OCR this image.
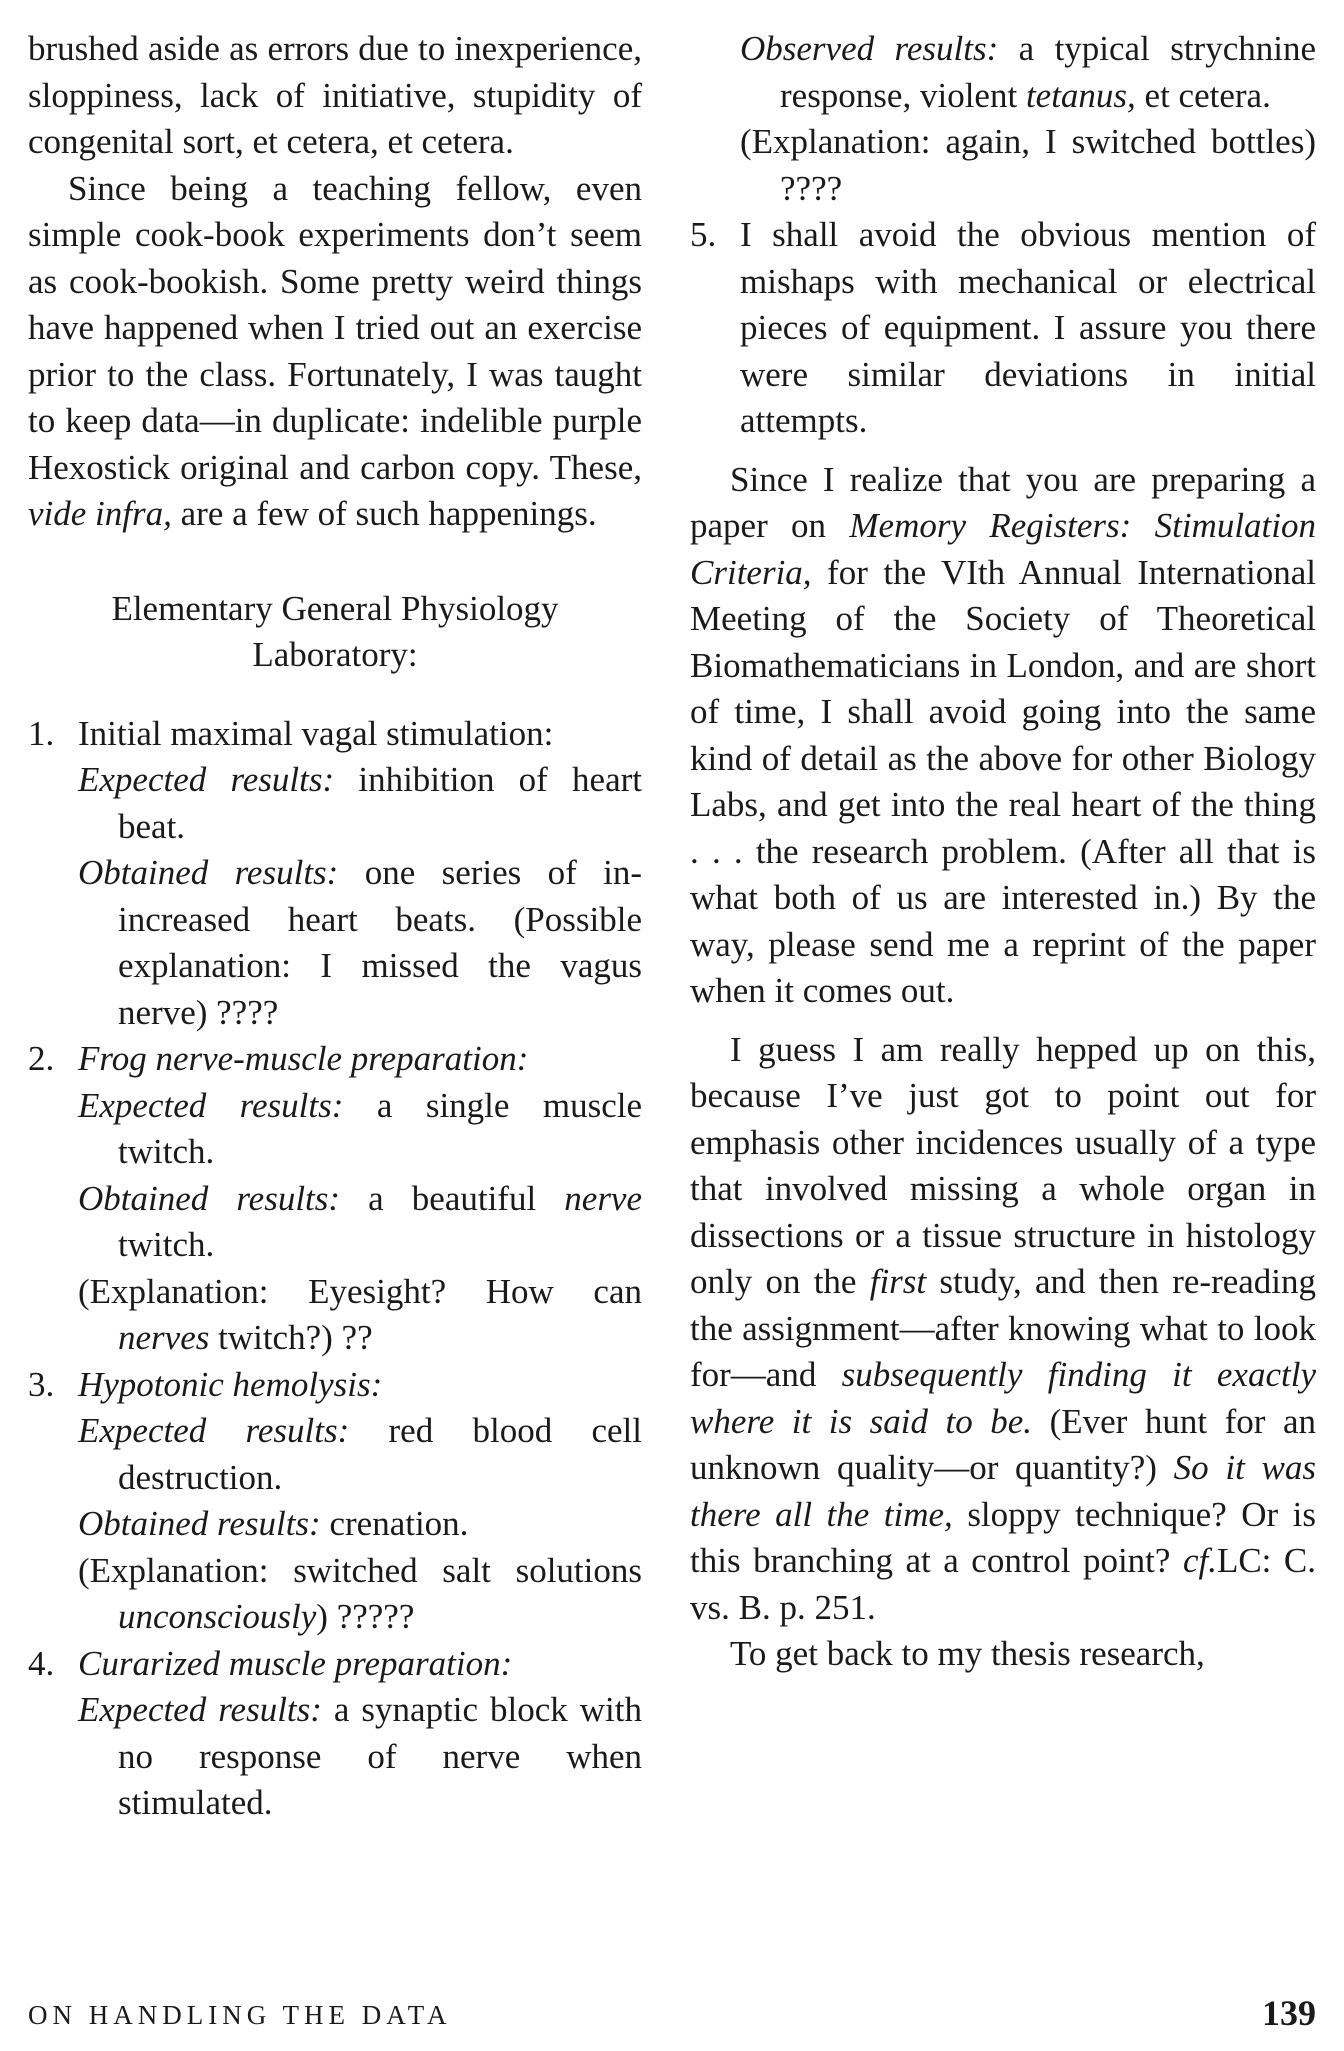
brushed aside as errors due to inexperience, sloppiness, lack of initiative, stupidity of congenital sort, et cetera, et cetera.

Since being a teaching fellow, even simple cook-book experiments don’t seem as cook-bookish. Some pretty weird things have happened when I tried out an exercise prior to the class. Fortunately, I was taught to keep data—in duplicate: indelible purple Hexostick original and carbon copy. These, vide infra, are a few of such happenings.

Elementary General Physiology Laboratory:

1. Initial maximal vagal stimulation:

Expected results: inhibition of heart beat.

Obtained results: one series of in-increased heart beats. (Possible explanation: I missed the vagus nerve) ????

2. Frog nerve-muscle preparation:

Expected results: a single muscle twitch.

Obtained results: a beautiful nerve twitch.

(Explanation: Eyesight? How can nerves twitch?) ??

3. Hypotonic hemolysis:

Expected results: red blood cell destruction.

Obtained results: crenation.

(Explanation: switched salt solutions unconsciously) ?????

4. Curarized muscle preparation:

Expected results: a synaptic block with no response of nerve when stimulated.

Observed results: a typical strychnine response, violent tetanus, et cetera.

(Explanation: again, I switched bottles) ????

5. I shall avoid the obvious mention of mishaps with mechanical or electrical pieces of equipment. I assure you there were similar deviations in initial attempts.

Since I realize that you are preparing a paper on Memory Registers: Stimulation Criteria, for the VIth Annual International Meeting of the Society of Theoretical Biomathematicians in London, and are short of time, I shall avoid going into the same kind of detail as the above for other Biology Labs, and get into the real heart of the thing . . . the research problem. (After all that is what both of us are interested in.) By the way, please send me a reprint of the paper when it comes out.

I guess I am really hepped up on this, because I’ve just got to point out for emphasis other incidences usually of a type that involved missing a whole organ in dissections or a tissue structure in histology only on the first study, and then re-reading the assignment—after knowing what to look for—and subsequently finding it exactly where it is said to be. (Ever hunt for an unknown quality—or quantity?) So it was there all the time, sloppy technique? Or is this branching at a control point? cf.LC: C. vs. B. p. 251.

To get back to my thesis research,

ON HANDLING THE DATA	139
